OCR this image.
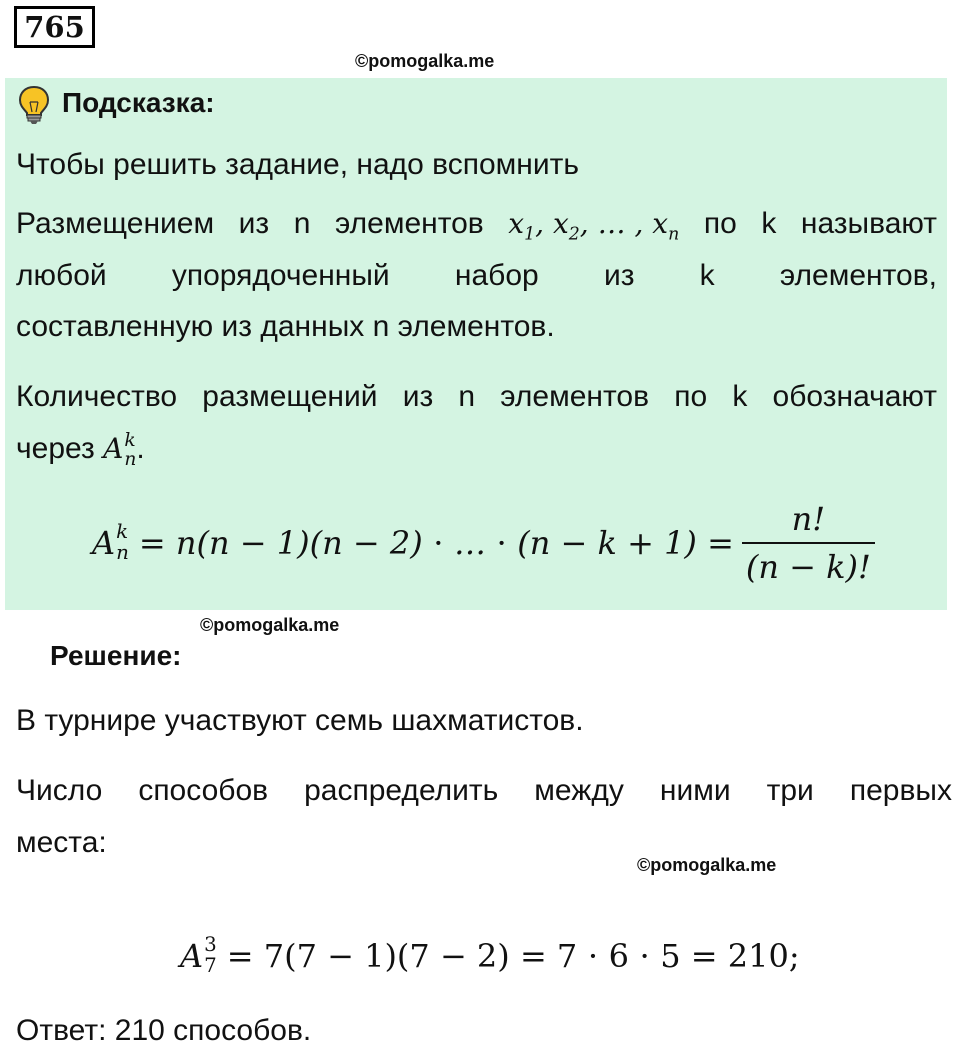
765
©pomogalka.me
Подсказка:
Чтобы решить задание, надо вспомнить
Размещением из n элементов $x_1$, $x_2$, … , $x_n$ по k называют
любой упорядоченный набор из k элементов,
составленную из данных n элементов.
Количество размещений из n элементов по k обозначают
через A k
n .
A k
n = n(n − 1)(n − 2) ⋅ … ⋅ $(n - k + 1) = \frac{n!}{(n - k)!}$
©pomogalka.me
Решение:
В турнире участвуют семь шахматистов.
Число способов распределить между ними три первых
места:
©pomogalka.me
A 3
7 = 7(7 − 1)(7 − 2) = 7 ⋅ 6 ⋅ 5 = 210;
Ответ: 210 способов.
